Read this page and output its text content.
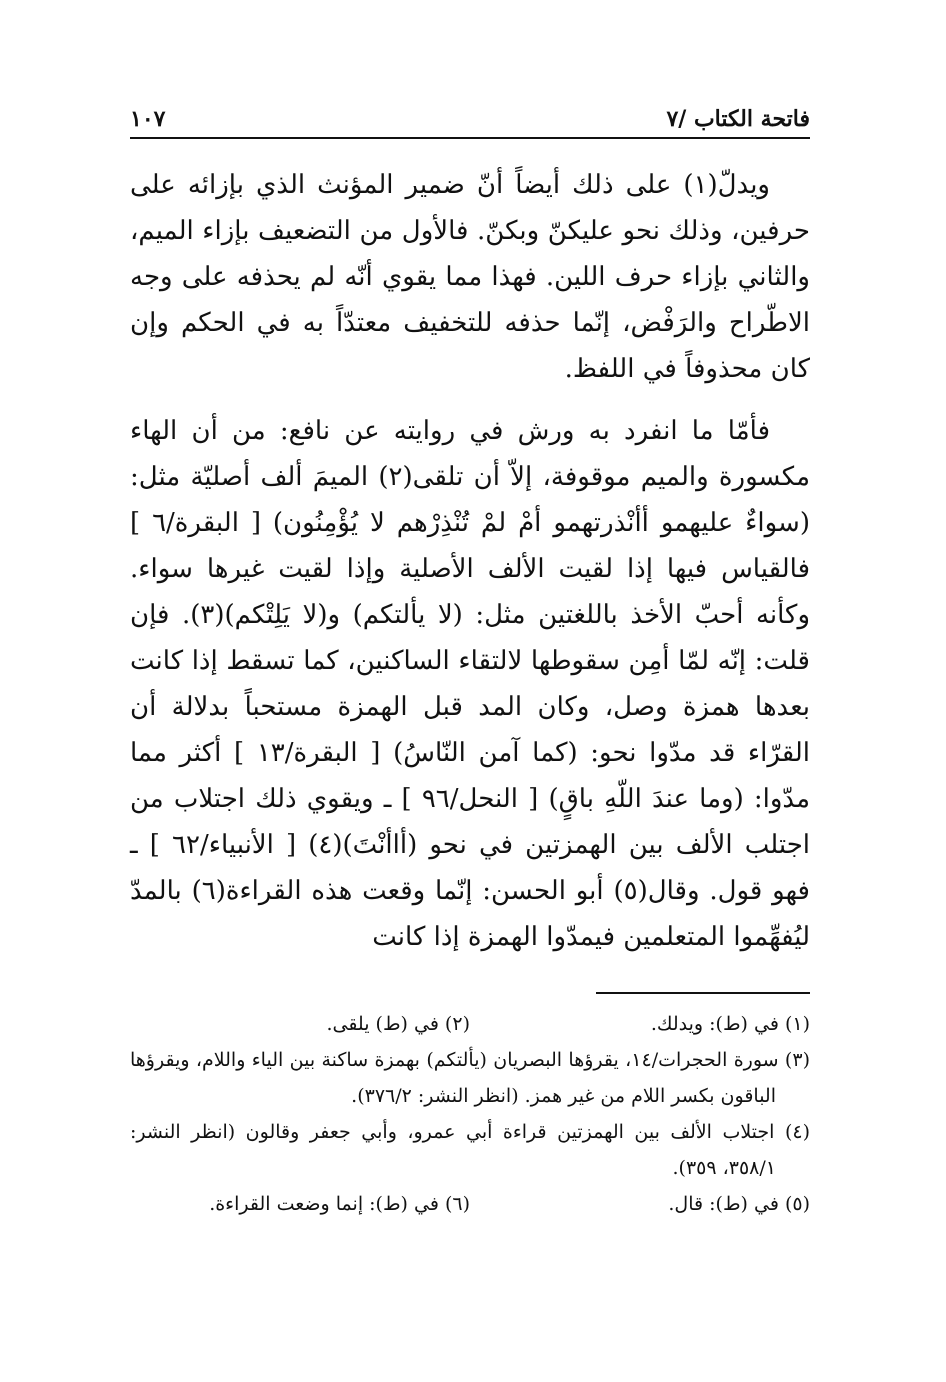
فاتحة الكتاب /٧
١٠٧

ويدلّ(١) على ذلك أيضاً أنّ ضمير المؤنث الذي بإزائه على حرفين، وذلك نحو عليكنّ وبكنّ. فالأول من التضعيف بإزاء الميم، والثاني بإزاء حرف اللين. فهذا مما يقوي أنّه لم يحذفه على وجه الاطّراح والرَفْض، إنّما حذفه للتخفيف معتدّاً به في الحكم وإن كان محذوفاً في اللفظ.

فأمّا ما انفرد به ورش في روايته عن نافع: من أن الهاء مكسورة والميم موقوفة، إلاّ أن تلقى(٢) الميمَ ألف أصليّة مثل: (سواءٌ عليهمو أأنْذرتهمو أمْ لمْ تُنْذِرْهم لا يُؤْمِنُون) [ البقرة/٦ ] فالقياس فيها إذا لقيت الألف الأصلية وإذا لقيت غيرها سواء. وكأنه أحبّ الأخذ باللغتين مثل: (لا يألتكم) و(لا يَلِتْكم)(٣). فإن قلت: إنّه لمّا أمِن سقوطها لالتقاء الساكنين، كما تسقط إذا كانت بعدها همزة وصل، وكان المد قبل الهمزة مستحباً بدلالة أن القرّاء قد مدّوا نحو: (كما آمن النّاسُ) [ البقرة/١٣ ] أكثر مما مدّوا: (وما عندَ اللّهِ باقٍ) [ النحل/٩٦ ] ـ ويقوي ذلك اجتلاب من اجتلب الألف بين الهمزتين في نحو (أاأنْتَ)(٤) [ الأنبياء/٦٢ ] ـ فهو قول. وقال(٥) أبو الحسن: إنّما وقعت هذه القراءة(٦) بالمدّ ليُفهِّموا المتعلمين فيمدّوا الهمزة إذا كانت

(١) في (ط): ويدلك.
(٢) في (ط) يلقى.
(٣) سورة الحجرات/١٤، يقرؤها البصريان (يألتكم) بهمزة ساكنة بين الياء واللام، ويقرؤها الباقون بكسر اللام من غير همز. (انظر النشر: ٣٧٦/٢).
(٤) اجتلاب الألف بين الهمزتين قراءة أبي عمرو، وأبي جعفر وقالون (انظر النشر: ٣٥٨/١، ٣٥٩).
(٥) في (ط): قال.
(٦) في (ط): إنما وضعت القراءة.
